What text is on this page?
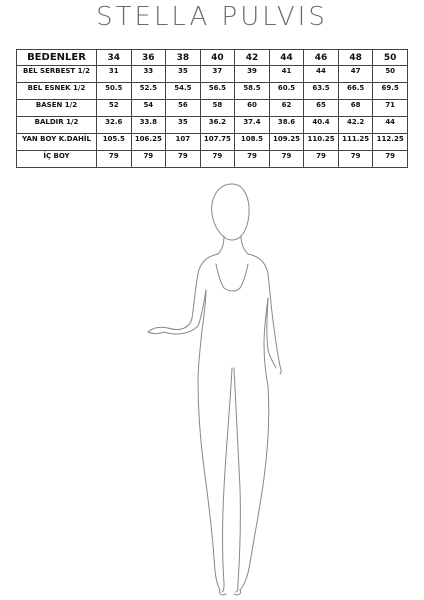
STELLA PULVIS
BEDENLER	34	36	38	40	42	44	46	48	50
BEL SERBEST 1/2	31	33	35	37	39	41	44	47	50
BEL ESNEK 1/2	50.5	52.5	54.5	56.5	58.5	60.5	63.5	66.5	69.5
BASEN 1/2	52	54	56	58	60	62	65	68	71
BALDIR 1/2	32.6	33.8	35	36.2	37.4	38.6	40.4	42.2	44
YAN BOY K.DAHİL	105.5	106.25	107	107.75	108.5	109.25	110.25	111.25	112.25
İÇ BOY	79	79	79	79	79	79	79	79	79
